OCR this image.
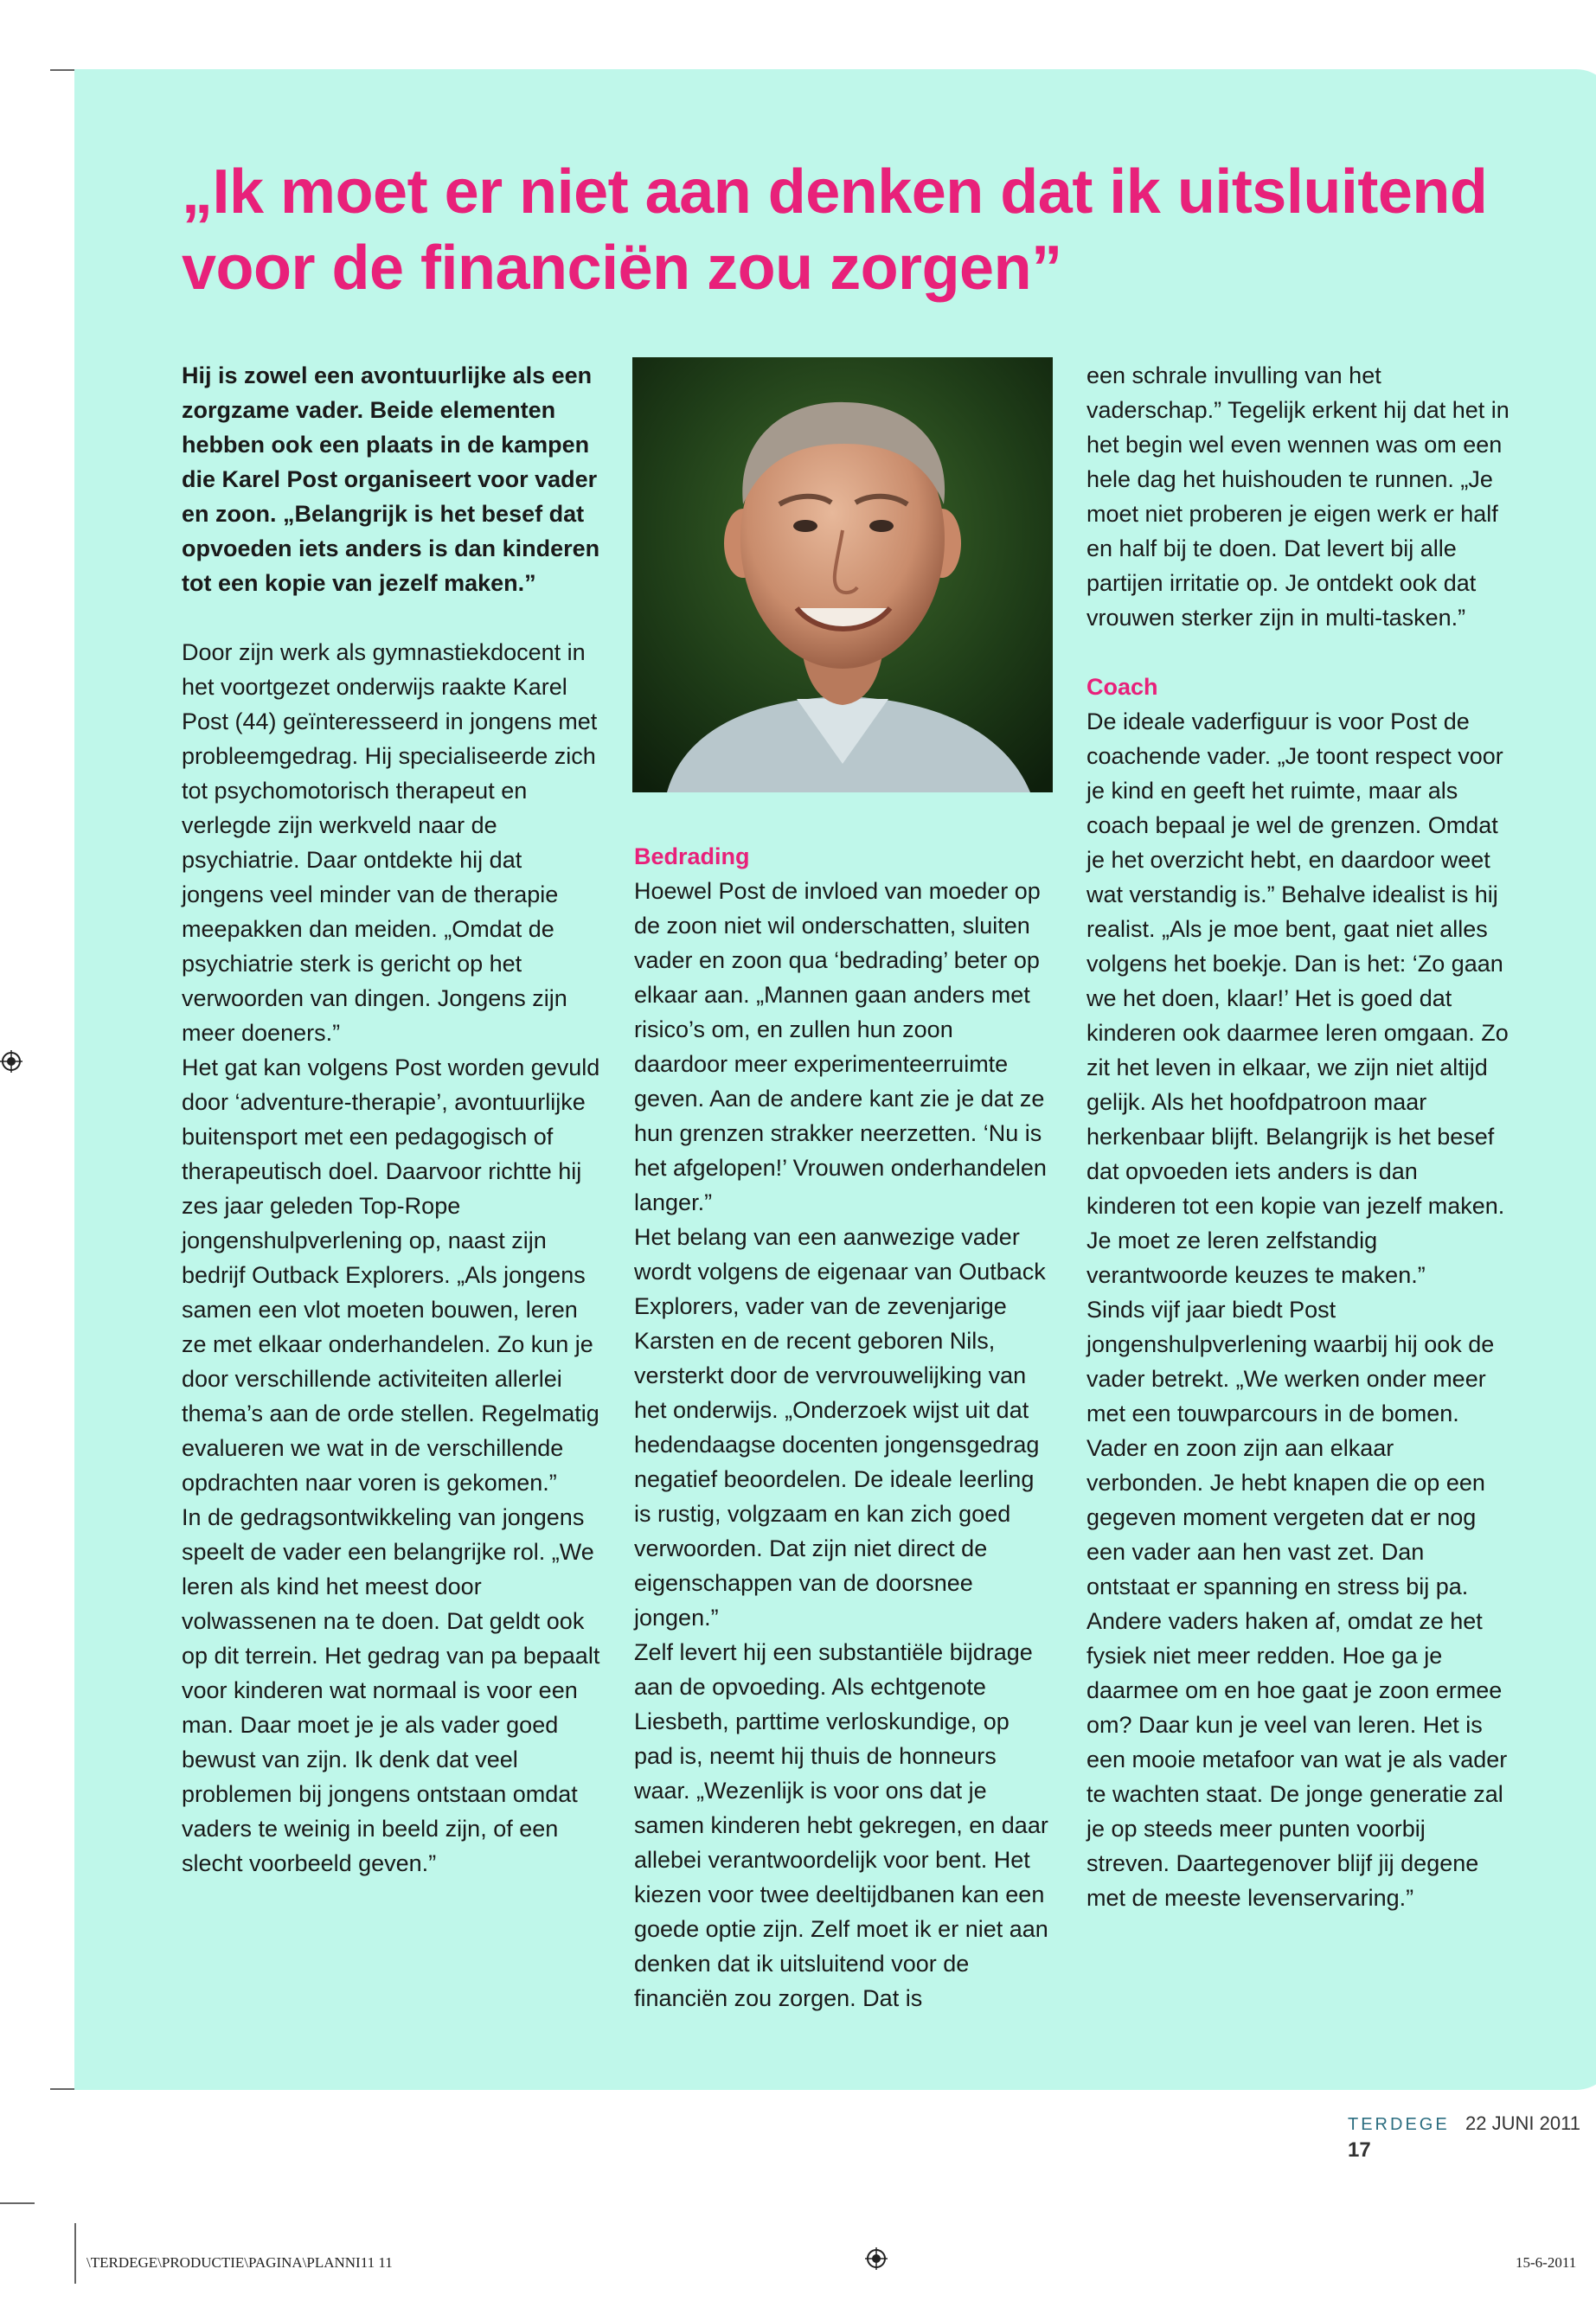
„Ik moet er niet aan denken dat ik uitsluitend voor de financiën zou zorgen”

Hij is zowel een avontuurlijke als een zorgzame vader. Beide elementen hebben ook een plaats in de kampen die Karel Post organiseert voor vader en zoon. „Belangrijk is het besef dat opvoeden iets anders is dan kinderen tot een kopie van jezelf maken.”

Door zijn werk als gymnastiekdocent in het voortgezet onderwijs raakte Karel Post (44) geïnteresseerd in jongens met probleemgedrag. Hij specialiseerde zich tot psychomotorisch therapeut en verlegde zijn werkveld naar de psychiatrie. Daar ontdekte hij dat jongens veel minder van de therapie meepakken dan meiden. „Omdat de psychiatrie sterk is gericht op het verwoorden van dingen. Jongens zijn meer doeners.”

Het gat kan volgens Post worden gevuld door ‘adventure-therapie’, avontuurlijke buitensport met een pedagogisch of therapeutisch doel. Daarvoor richtte hij zes jaar geleden Top-Rope jongenshulpverlening op, naast zijn bedrijf Outback Explorers. „Als jongens samen een vlot moeten bouwen, leren ze met elkaar onderhandelen. Zo kun je door verschillende activiteiten allerlei thema’s aan de orde stellen. Regelmatig evalueren we wat in de verschillende opdrachten naar voren is gekomen.”

In de gedragsontwikkeling van jongens speelt de vader een belangrijke rol. „We leren als kind het meest door volwassenen na te doen. Dat geldt ook op dit terrein. Het gedrag van pa bepaalt voor kinderen wat normaal is voor een man. Daar moet je je als vader goed bewust van zijn. Ik denk dat veel problemen bij jongens ontstaan omdat vaders te weinig in beeld zijn, of een slecht voorbeeld geven.”

Bedrading

Hoewel Post de invloed van moeder op de zoon niet wil onderschatten, sluiten vader en zoon qua ‘bedrading’ beter op elkaar aan. „Mannen gaan anders met risico’s om, en zullen hun zoon daardoor meer experimenteerruimte geven. Aan de andere kant zie je dat ze hun grenzen strakker neerzetten. ‘Nu is het afgelopen!’ Vrouwen onderhandelen langer.”

Het belang van een aanwezige vader wordt volgens de eigenaar van Outback Explorers, vader van de zevenjarige Karsten en de recent geboren Nils, versterkt door de vervrouwelijking van het onderwijs. „Onderzoek wijst uit dat hedendaagse docenten jongensgedrag negatief beoordelen. De ideale leerling is rustig, volgzaam en kan zich goed verwoorden. Dat zijn niet direct de eigenschappen van de doorsnee jongen.”

Zelf levert hij een substantiële bijdrage aan de opvoeding. Als echtgenote Liesbeth, parttime verloskundige, op pad is, neemt hij thuis de honneurs waar. „Wezenlijk is voor ons dat je samen kinderen hebt gekregen, en daar allebei verantwoordelijk voor bent. Het kiezen voor twee deeltijdbanen kan een goede optie zijn. Zelf moet ik er niet aan denken dat ik uitsluitend voor de financiën zou zorgen. Dat is

een schrale invulling van het vaderschap.” Tegelijk erkent hij dat het in het begin wel even wennen was om een hele dag het huishouden te runnen. „Je moet niet proberen je eigen werk er half en half bij te doen. Dat levert bij alle partijen irritatie op. Je ontdekt ook dat vrouwen sterker zijn in multi-tasken.”

Coach

De ideale vaderfiguur is voor Post de coachende vader. „Je toont respect voor je kind en geeft het ruimte, maar als coach bepaal je wel de grenzen. Omdat je het overzicht hebt, en daardoor weet wat verstandig is.” Behalve idealist is hij realist. „Als je moe bent, gaat niet alles volgens het boekje. Dan is het: ‘Zo gaan we het doen, klaar!’ Het is goed dat kinderen ook daarmee leren omgaan. Zo zit het leven in elkaar, we zijn niet altijd gelijk. Als het hoofdpatroon maar herkenbaar blijft. Belangrijk is het besef dat opvoeden iets anders is dan kinderen tot een kopie van jezelf maken. Je moet ze leren zelfstandig verantwoorde keuzes te maken.”

Sinds vijf jaar biedt Post jongenshulpverlening waarbij hij ook de vader betrekt. „We werken onder meer met een touwparcours in de bomen. Vader en zoon zijn aan elkaar verbonden. Je hebt knapen die op een gegeven moment vergeten dat er nog een vader aan hen vast zet. Dan ontstaat er spanning en stress bij pa. Andere vaders haken af, omdat ze het fysiek niet meer redden. Hoe ga je daarmee om en hoe gaat je zoon ermee om? Daar kun je veel van leren. Het is een mooie metafoor van wat je als vader te wachten staat. De jonge generatie zal je op steeds meer punten voorbij streven. Daartegenover blijf jij degene met de meeste levenservaring.”

TERDEGE 22 JUNI 2011   17
\TERDEGE\PRODUCTIE\PAGINA\PLANNI11 11	15-6-2011
